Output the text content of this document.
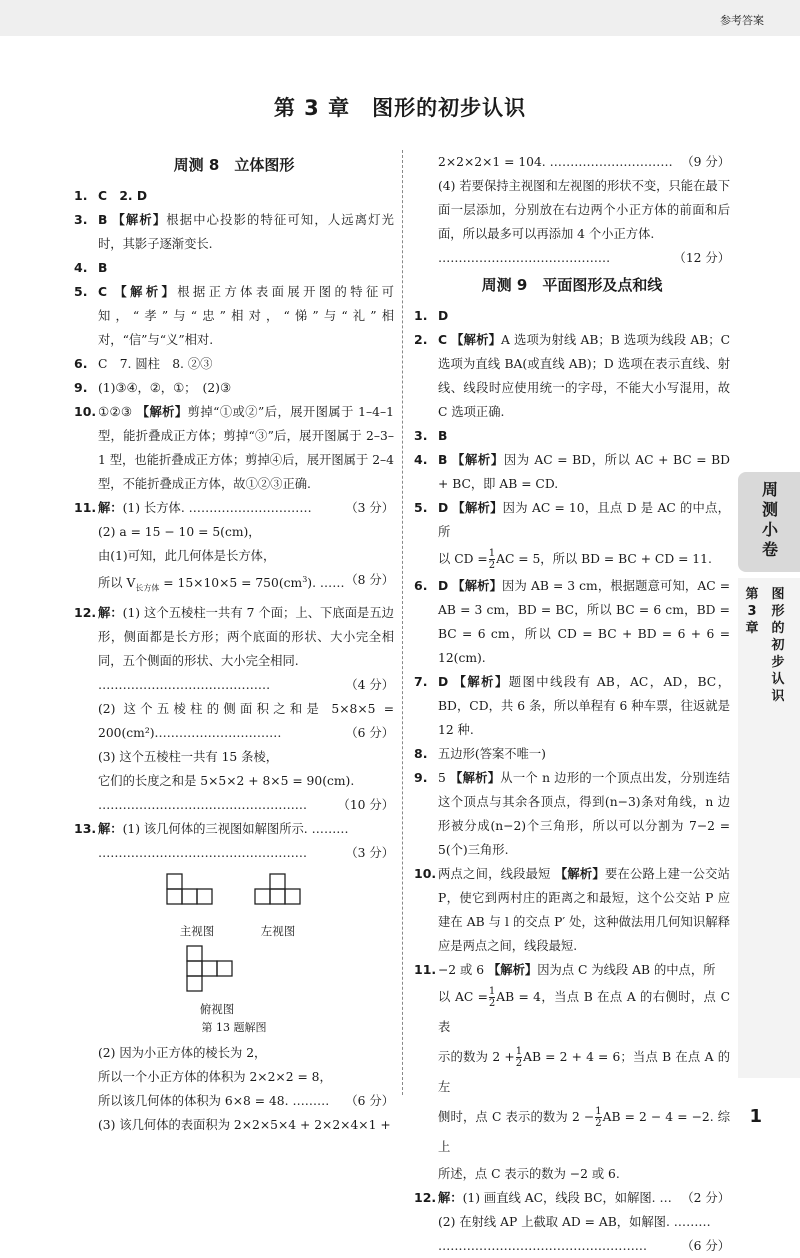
参考答案
第 3 章　图形的初步认识
周测 8　立体图形
1. C　2. D
3. B 【解析】根据中心投影的特征可知，人远离灯光时，其影子逐渐变长.
4. B
5. C 【解析】根据正方体表面展开图的特征可知，“孝”与“忠”相对，“悌”与“礼”相对，“信”与“义”相对.
6. C　7. 圆柱　8. ②③
9. (1)③④，②，①；　(2)③
10. ①②③ 【解析】剪掉“①或②”后，展开图属于 1–4–1 型，能折叠成正方体；剪掉“③”后，展开图属于 2–3–1 型，也能折叠成正方体；剪掉④后，展开图属于 2–4 型，不能折叠成正方体，故①②③正确.
11. 解：(1) 长方体. …………………………	（3 分）
(2) a = 15 − 10 = 5(cm)，
由(1)可知，此几何体是长方体，
所以 $V_{长方体} = 15\times 10\times 5 = 750(cm^3)$. …… （8 分）
12. 解：(1) 这个五棱柱一共有 7 个面；上、下底面是五边形，侧面都是长方形；两个底面的形状、大小完全相同，五个侧面的形状、大小完全相同.
……………………………………	（4 分）
(2) 这个五棱柱的侧面积之和是 5×8×5 = 200(cm²).…………………………	（6 分）
(3) 这个五棱柱一共有 15 条棱，
它们的长度之和是 5×5×2 + 8×5 = 90(cm).
…………………………………………… （10 分）
13. 解：(1) 该几何体的三视图如解图所示. ………
……………………………………………	（3 分）
主视图	左视图
俯视图
第 13 题解图
(2) 因为小正方体的棱长为 2，
所以一个小正方体的体积为 2×2×2 = 8，
所以该几何体的体积为 6×8 = 48. ……… （6 分）
(3) 该几何体的表面积为 2×2×5×4 + 2×2×4×1 +
2×2×2×1 = 104. ………………………… （9 分）
(4) 若要保持主视图和左视图的形状不变，只能在最下面一层添加，分别放在右边两个小正方体的前面和后面，所以最多可以再添加 4 个小正方体.
……………………………………	（12 分）
周测 9　平面图形及点和线
1. D
2. C 【解析】A 选项为射线 AB；B 选项为线段 AB；C 选项为直线 BA(或直线 AB)；D 选项在表示直线、射线、线段时应使用统一的字母，不能大小写混用，故 C 选项正确.
3. B
4. B 【解析】因为 AC = BD，所以 AC + BC = BD + BC，即 AB = CD.
5. D 【解析】因为 AC = 10，且点 D 是 AC 的中点，所
以 CD = $\frac{1}{2}$ AC = 5，所以 BD = BC + CD = 11.
6. D 【解析】因为 AB = 3 cm，根据题意可知，AC = AB = 3 cm，BD = BC，所以 BC = 6 cm，BD = BC = 6 cm，所以 CD = BC + BD = 6 + 6 = 12(cm).
7. D 【解析】题图中线段有 AB，AC，AD，BC，BD，CD，共 6 条，所以单程有 6 种车票，往返就是 12 种.
8. 五边形(答案不唯一)
9. 5 【解析】从一个 n 边形的一个顶点出发，分别连结这个顶点与其余各顶点，得到(n−3)条对角线，n 边形被分成(n−2)个三角形，所以可以分割为 7−2 = 5(个)三角形.
10. 两点之间，线段最短 【解析】要在公路上建一公交站 P，使它到两村庄的距离之和最短，这个公交站 P 应建在 AB 与 l 的交点 P′ 处，这种做法用几何知识解释应是两点之间，线段最短.
11. −2 或 6 【解析】因为点 C 为线段 AB 的中点，所
以 AC = $\frac{1}{2}$ AB = 4，当点 B 在点 A 的右侧时，点 C 表
示的数为 $2 + \frac{1}{2}$ AB = 2 + 4 = 6；当点 B 在点 A 的左
侧时，点 C 表示的数为 $2 - \frac{1}{2}$ AB = 2 − 4 = −2. 综上
所述，点 C 表示的数为 −2 或 6.
12. 解：(1) 画直线 AC，线段 BC，如解图. … （2 分）
(2) 在射线 AP 上截取 AD = AB，如解图. ………
……………………………………………	（6 分）
周测小卷
第3章
图形的初步认识
1
